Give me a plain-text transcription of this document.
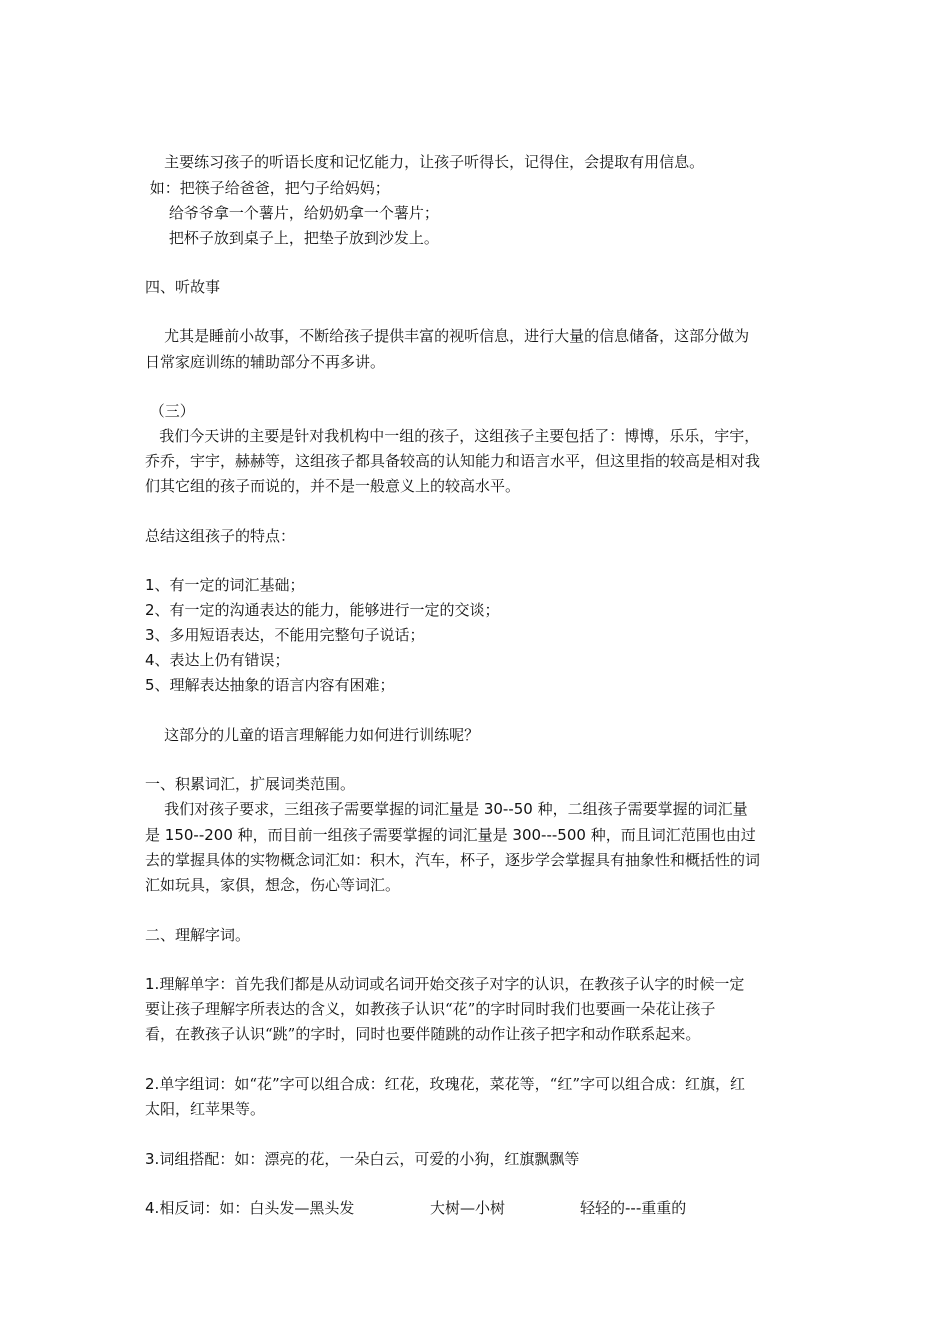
主要练习孩子的听语长度和记忆能力，让孩子听得长，记得住，会提取有用信息。

如：把筷子给爸爸，把勺子给妈妈；

给爷爷拿一个薯片，给奶奶拿一个薯片；

把杯子放到桌子上，把垫子放到沙发上。

四、听故事

尤其是睡前小故事，不断给孩子提供丰富的视听信息，进行大量的信息储备，这部分做为

日常家庭训练的辅助部分不再多讲。

（三）

我们今天讲的主要是针对我机构中一组的孩子，这组孩子主要包括了：博博，乐乐，宇宇，

乔乔，宇宇，赫赫等，这组孩子都具备较高的认知能力和语言水平，但这里指的较高是相对我

们其它组的孩子而说的，并不是一般意义上的较高水平。

总结这组孩子的特点：

1、有一定的词汇基础；

2、有一定的沟通表达的能力，能够进行一定的交谈；

3、多用短语表达，不能用完整句子说话；

4、表达上仍有错误；

5、理解表达抽象的语言内容有困难；

这部分的儿童的语言理解能力如何进行训练呢？

一、积累词汇，扩展词类范围。

我们对孩子要求，三组孩子需要掌握的词汇量是 30--50 种，二组孩子需要掌握的词汇量

是 150--200 种，而目前一组孩子需要掌握的词汇量是 300---500 种，而且词汇范围也由过

去的掌握具体的实物概念词汇如：积木，汽车，杯子，逐步学会掌握具有抽象性和概括性的词

汇如玩具，家俱，想念，伤心等词汇。

二、理解字词。

1.理解单字：首先我们都是从动词或名词开始交孩子对字的认识，在教孩子认字的时候一定

要让孩子理解字所表达的含义，如教孩子认识“花”的字时同时我们也要画一朵花让孩子

看，在教孩子认识“跳”的字时，同时也要伴随跳的动作让孩子把字和动作联系起来。

2.单字组词：如“花”字可以组合成：红花，玫瑰花，菜花等，“红”字可以组合成：红旗，红

太阳，红苹果等。

3.词组搭配：如：漂亮的花，一朵白云，可爱的小狗，红旗飘飘等

4.相反词：如：白头发—黑头发	大树—小树	轻轻的---重重的
